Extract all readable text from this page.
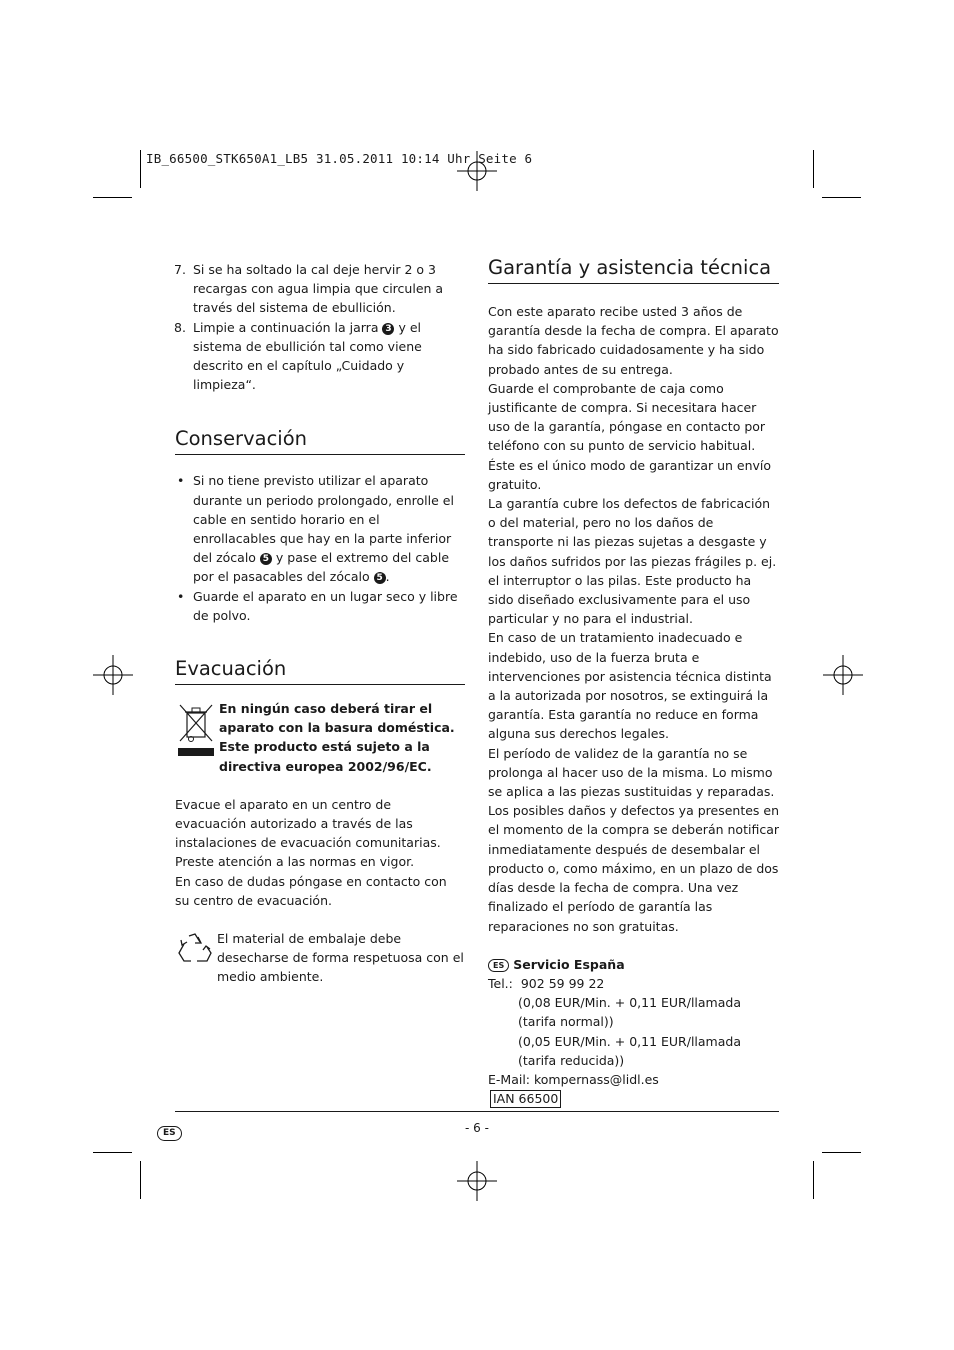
IB_66500_STK650A1_LB5 31.05.2011 10:14 Uhr Seite 6
7. Si se ha soltado la cal deje hervir 2 o 3 recargas con agua limpia que circulen a través del sistema de ebullición.
8. Limpie a continuación la jarra 3 y el sistema de ebullición tal como viene descrito en el capítulo „Cuidado y limpieza“.
Conservación
• Si no tiene previsto utilizar el aparato durante un periodo prolongado, enrolle el cable en sentido horario en el enrollacables que hay en la parte inferior del zócalo 5 y pase el extremo del cable por el pasacables del zócalo 5 .
• Guarde el aparato en un lugar seco y libre de polvo.
Evacuación

En ningún caso deberá tirar el aparato con la basura doméstica. Este producto está sujeto a la directiva europea 2002/96/EC.

Evacue el aparato en un centro de evacuación autorizado a través de las instalaciones de evacuación comunitarias.

Preste atención a las normas en vigor.

En caso de dudas póngase en contacto con su centro de evacuación.

El material de embalaje debe desecharse de forma respetuosa con el medio ambiente.

Garantía y asistencia técnica

Con este aparato recibe usted 3 años de garantía desde la fecha de compra. El aparato ha sido fabricado cuidadosamente y ha sido probado antes de su entrega.

Guarde el comprobante de caja como justificante de compra. Si necesitara hacer uso de la garantía, póngase en contacto por teléfono con su punto de servicio habitual. Éste es el único modo de garantizar un envío gratuito.

La garantía cubre los defectos de fabricación o del material, pero no los daños de transporte ni las piezas sujetas a desgaste y los daños sufridos por las piezas frágiles p. ej. el interruptor o las pilas. Este producto ha sido diseñado exclusivamente para el uso particular y no para el industrial.

En caso de un tratamiento inadecuado e indebido, uso de la fuerza bruta e intervenciones por asistencia técnica distinta a la autorizada por nosotros, se extinguirá la garantía. Esta garantía no reduce en forma alguna sus derechos legales.

El período de validez de la garantía no se prolonga al hacer uso de la misma. Lo mismo se aplica a las piezas sustituidas y reparadas. Los posibles daños y defectos ya presentes en el momento de la compra se deberán notificar inmediatamente después de desembalar el producto o, como máximo, en un plazo de dos días desde la fecha de compra. Una vez finalizado el período de garantía las reparaciones no son gratuitas.

ES Servicio España

Tel.: 902 59 99 22

(0,08 EUR/Min. + 0,11 EUR/llamada

(tarifa normal))

(0,05 EUR/Min. + 0,11 EUR/llamada

(tarifa reducida))

E-Mail: kompernass@lidl.es

IAN 66500

ES	- 6 -
